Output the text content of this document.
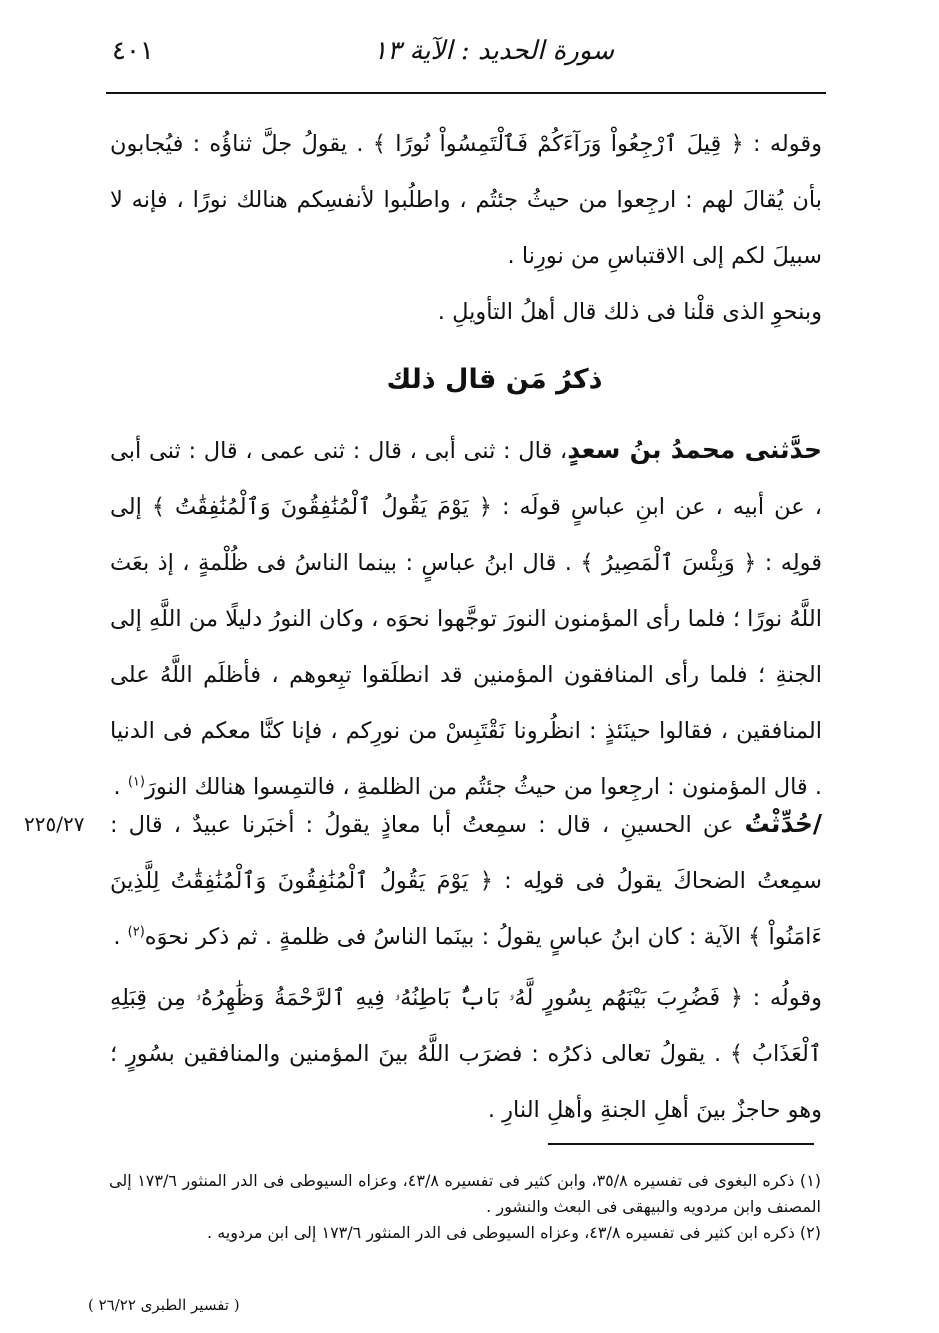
سورة الحديد : الآية ١٣
٤٠١
وقوله : ﴿ قِيلَ ٱرْجِعُواْ وَرَآءَكُمْ فَٱلْتَمِسُواْ نُورًا ﴾ . يقولُ جلَّ ثناؤُه : فيُجابون بأن يُقالَ لهم : ارجِعوا من حيثُ جئتُم ، واطلُبوا لأنفسِكم هنالك نورًا ، فإنه لا سبيلَ لكم إلى الاقتباسِ من نورِنا .
وبنحوِ الذى قلْنا فى ذلك قال أهلُ التأويلِ .
ذكرُ مَن قال ذلك
حدَّثنى محمدُ بنُ سعدٍ، قال : ثنى أبى ، قال : ثنى عمى ، قال : ثنى أبى ، عن أبيه ، عن ابنِ عباسٍ قولَه : ﴿ يَوْمَ يَقُولُ ٱلْمُنَٰفِقُونَ وَٱلْمُنَٰفِقَٰتُ ﴾ إلى قولِه : ﴿ وَبِئْسَ ٱلْمَصِيرُ ﴾ . قال ابنُ عباسٍ : بينما الناسُ فى ظُلْمةٍ ، إذ بعَث اللَّهُ نورًا ؛ فلما رأى المؤمنون النورَ توجَّهوا نحوَه ، وكان النورُ دليلًا من اللَّهِ إلى الجنةِ ؛ فلما رأى المنافقون المؤمنين قد انطلَقوا تبِعوهم ، فأظلَم اللَّهُ على المنافقين ، فقالوا حينَئذٍ : انظُرونا نَقْتَبِسْ من نورِكم ، فإنا كنَّا معكم فى الدنيا . قال المؤمنون : ارجِعوا من حيثُ جئتُم من الظلمةِ ، فالتمِسوا هنالك النورَ$^{(١)}$ .
٢٢٥/٢٧	/حُدِّثْتُ عن الحسينِ ، قال : سمِعتُ أبا معاذٍ يقولُ : أخبَرنا عبيدٌ ، قال : سمِعتُ الضحاكَ يقولُ فى قولِه : ﴿ يَوْمَ يَقُولُ ٱلْمُنَٰفِقُونَ وَٱلْمُنَٰفِقَٰتُ لِلَّذِينَ ءَامَنُواْ ﴾ الآية : كان ابنُ عباسٍ يقولُ : بينَما الناسُ فى ظلمةٍ . ثم ذكر نحوَه$^{(٢)}$ .
وقولُه : ﴿ فَضُرِبَ بَيْنَهُم بِسُورٍ لَّهُۥ بَابٌۢ بَاطِنُهُۥ فِيهِ ٱلرَّحْمَةُ وَظَٰهِرُهُۥ مِن قِبَلِهِ ٱلْعَذَابُ ﴾ . يقولُ تعالى ذكرُه : فضرَب اللَّهُ بينَ المؤمنين والمنافقين بسُورٍ ؛ وهو حاجزٌ بينَ أهلِ الجنةِ وأهلِ النارِ .
(١) ذكره البغوى فى تفسيره ٣٥/٨، وابن كثير فى تفسيره ٤٣/٨، وعزاه السيوطى فى الدر المنثور ١٧٣/٦ إلى المصنف وابن مردويه والبيهقى فى البعث والنشور .
(٢) ذكره ابن كثير فى تفسيره ٤٣/٨، وعزاه السيوطى فى الدر المنثور ١٧٣/٦ إلى ابن مردويه .
( تفسير الطبرى ٢٦/٢٢ )
